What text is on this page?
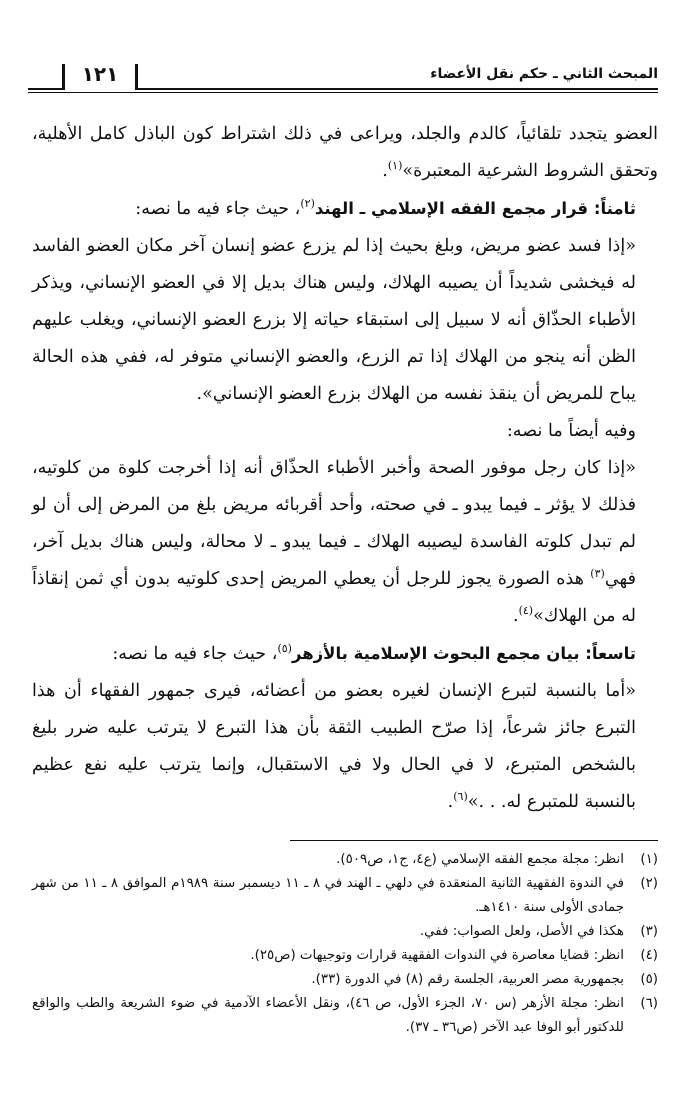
المبحث الثاني ـ حكم نقل الأعضاء
١٢١

العضو يتجدد تلقائياً، كالدم والجلد، ويراعى في ذلك اشتراط كون الباذل كامل الأهلية، وتحقق الشروط الشرعية المعتبرة»$^{(١)}$.

ثامناً: قرار مجمع الفقه الإسلامي ـ الهند$^{(٢)}$، حيث جاء فيه ما نصه:

«إذا فسد عضو مريض، وبلغ بحيث إذا لم يزرع عضو إنسان آخر مكان العضو الفاسد له فيخشى شديداً أن يصيبه الهلاك، وليس هناك بديل إلا في العضو الإنساني، ويذكر الأطباء الحذّاق أنه لا سبيل إلى استبقاء حياته إلا بزرع العضو الإنساني، ويغلب عليهم الظن أنه ينجو من الهلاك إذا تم الزرع، والعضو الإنساني متوفر له، ففي هذه الحالة يباح للمريض أن ينقذ نفسه من الهلاك بزرع العضو الإنساني».

وفيه أيضاً ما نصه:

«إذا كان رجل موفور الصحة وأخبر الأطباء الحذّاق أنه إذا أخرجت كلوة من كلوتيه، فذلك لا يؤثر ـ فيما يبدو ـ في صحته، وأحد أقربائه مريض بلغ من المرض إلى أن لو لم تبدل كلوته الفاسدة ليصيبه الهلاك ـ فيما يبدو ـ لا محالة، وليس هناك بديل آخر، فهي$^{(٣)}$ هذه الصورة يجوز للرجل أن يعطي المريض إحدى كلوتيه بدون أي ثمن إنقاذاً له من الهلاك»$^{(٤)}$.

تاسعاً: بيان مجمع البحوث الإسلامية بالأزهر$^{(٥)}$، حيث جاء فيه ما نصه:

«أما بالنسبة لتبرع الإنسان لغيره بعضو من أعضائه، فيرى جمهور الفقهاء أن هذا التبرع جائز شرعاً، إذا صرّح الطبيب الثقة بأن هذا التبرع لا يترتب عليه ضرر بليغ بالشخص المتبرع، لا في الحال ولا في الاستقبال، وإنما يترتب عليه نفع عظيم بالنسبة للمتبرع له. . .»$^{(٦)}$.

(١)
انظر: مجلة مجمع الفقه الإسلامي (ع٤، ج١، ص٥٠٩).
(٢)
في الندوة الفقهية الثانية المنعقدة في دلهي ـ الهند في ٨ ـ ١١ ديسمبر سنة ١٩٨٩م الموافق ٨ ـ ١١ من شهر جمادى الأولى سنة ١٤١٠هـ.
(٣)
هكذا في الأصل، ولعل الصواب: ففي.
(٤)
انظر: قضايا معاصرة في الندوات الفقهية قرارات وتوجيهات (ص٢٥).
(٥)
بجمهورية مصر العربية، الجلسة رقم (٨) في الدورة (٣٣).
(٦)
انظر: مجلة الأزهر (س ٧٠، الجزء الأول، ص ٤٦)، ونقل الأعضاء الآدمية في ضوء الشريعة والطب والواقع للدكتور أبو الوفا عبد الآخر (ص٣٦ ـ ٣٧).
